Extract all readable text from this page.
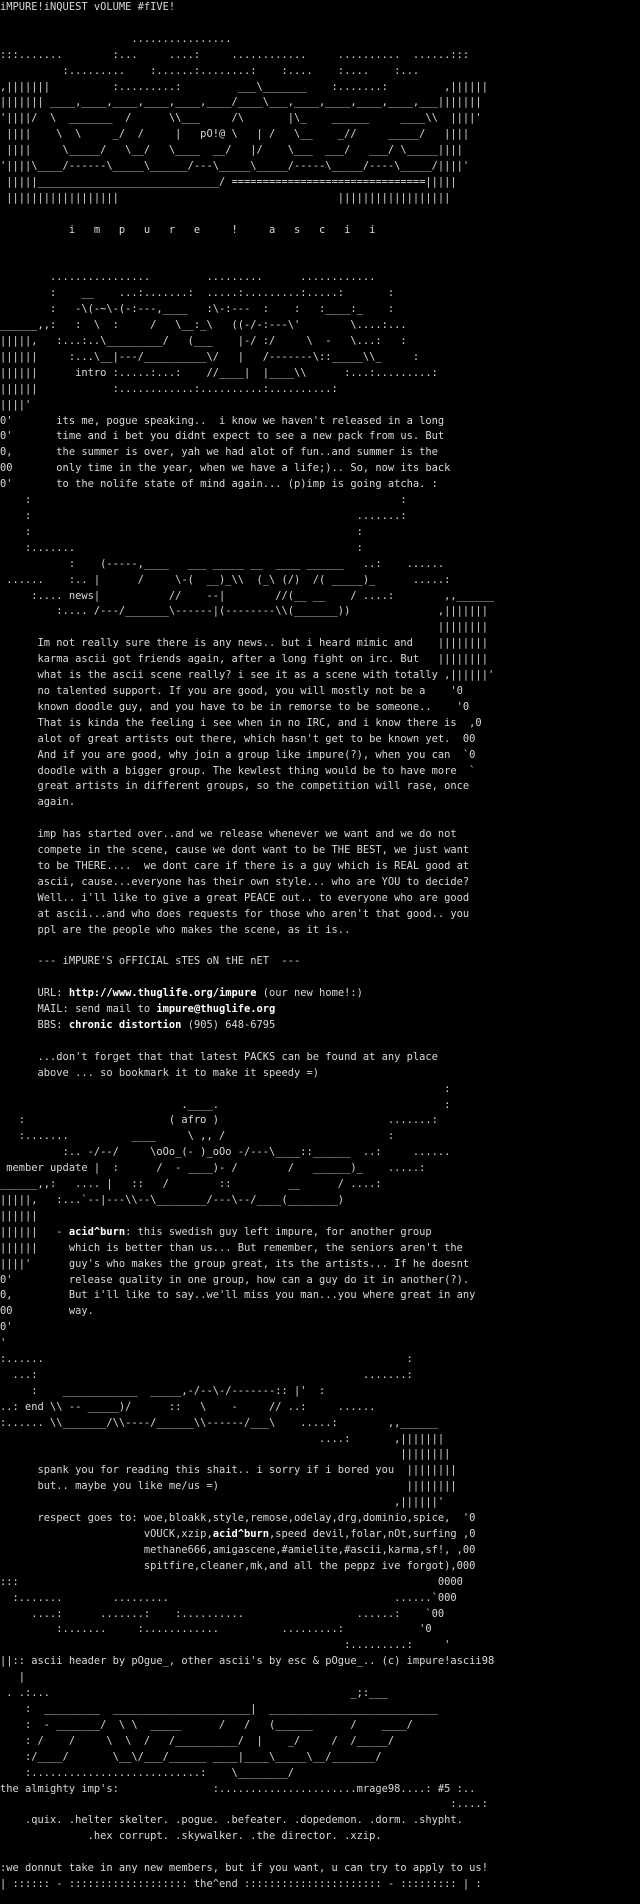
iMPURE!iNQUEST vOLUME #fIVE!

................
:::.......        :...     ....:     ............     ..........  ......:::
:.........    :......:........:    :....    :....    :...
,|||||||          :.........:         ___\_______    :.......:         ,||||||
||||||| ____,____,____,____,____,____/____\___,____,____,____,____,___|||||||
'||||/  \  _______  /      \\___     /\       |\_    ______     ____\\  ||||'
||||    \  \     _/  /     |   pO!@ \   | /   \__    _//     _____/   ||||
||||     \_____/   \__/   \____  __/   |/    \___  ___/   ___/ \_____||||
'||||\____/------\_____\______/---\_____\_____/-----\_____/----\_____/||||'
|||||_____________________________/ ===============================|||||
||||||||||||||||||                                   ||||||||||||||||||

i   m   p   u   r   e     !     a   s   c   i   i

................         .........      ............
:    __    ...:.......:  .....:.........:.....:       :
:   -\(-~\-(-:---,____   :\-:---  :    :   :____:_    :
______,,:   :  \  :     /   \__:_\   ((-/-:---\'        \....:...
|||||,   :...:..\_________/   (___    |-/ :/     \  -   \...:   :
||||||     :...\__|---/__________\/   |   /-------\::_____\\_     :
||||||      intro :.....:...:    //____|  |____\\      :...:.........:
||||||            :............:..........:..........:
||||'
0'       its me, pogue speaking..  i know we haven't released in a long
0'       time and i bet you didnt expect to see a new pack from us. But
0,       the summer is over, yah we had alot of fun..and summer is the
00       only time in the year, when we have a life;).. So, now its back
0'       to the nolife state of mind again... (p)imp is going atcha. :
:                                                           :
:                                                    .......:
:                                                    :
:.......                                             :
:    (-----,____   ___ _____ __  ____ ______   ..:    ......
......    :.. |      /     \-(  __)_\\  (_\ (/)  /( _____)_      .....:
:.... news|           //    --|        //(__ __    / ....:        ,,______
:.... /---/_______\------|(--------\\(_______))              ,|||||||
||||||||
Im not really sure there is any news.. but i heard mimic and    ||||||||
karma ascii got friends again, after a long fight on irc. But   ||||||||
what is the ascii scene really? i see it as a scene with totally ,||||||'
no talented support. If you are good, you will mostly not be a    '0
known doodle guy, and you have to be in remorse to be someone..    '0
That is kinda the feeling i see when in no IRC, and i know there is  ,0
alot of great artists out there, which hasn't get to be known yet.  00
And if you are good, why join a group like impure(?), when you can  `0
doodle with a bigger group. The kewlest thing would be to have more  `
great artists in different groups, so the competition will rase, once
again.

imp has started over..and we release whenever we want and we do not
compete in the scene, cause we dont want to be THE BEST, we just want
to be THERE....  we dont care if there is a guy which is REAL good at
ascii, cause...everyone has their own style... who are YOU to decide?
Well.. i'll like to give a great PEACE out.. to everyone who are good
at ascii...and who does requests for those who aren't that good.. you
ppl are the people who makes the scene, as it is..

--- iMPURE'S oFFICIAL sTES oN tHE nET  ---

URL: http://www.thuglife.org/impure (our new home!:)
MAIL: send mail to impure@thuglife.org
BBS: chronic distortion (905) 648-6795

...don't forget that that latest PACKS can be found at any place
above ... so bookmark it to make it speedy =)
:
.____.                                    :
:                       ( afro )                           .......:
:.......          ____     \ ,, /                          :
:.. -/--/     \oOo_(- )_oOo -/---\____::______  ..:     ......
member update |  :      /  - ____)- /        /   ______)_    .....:
______,,:   .... |   ::   /        ::         __      / ....:
|||||,   :...`--|---\\--\________/---\--/____(________)
||||||
||||||   - acid^burn: this swedish guy left impure, for another group
||||||     which is better than us... But remember, the seniors aren't the
||||'      guy's who makes the group great, its the artists... If he doesnt
0'         release quality in one group, how can a guy do it in another(?).
0,         But i'll like to say..we'll miss you man...you where great in any
00         way.
0'
'
:......                                                          :
...:                                                    .......:
:    ____________  _____,-/--\-/-------:: |'  :
..: end \\ -- _____)/      ::   \    -     // ..:     ......
:...... \\_______/\\----/______\\------/___\    .....:        ,,______
....:       ,|||||||
||||||||
spank you for reading this shait.. i sorry if i bored you  ||||||||
but.. maybe you like me/us =)                              ||||||||
,||||||'
respect goes to: woe,bloakk,style,remose,odelay,drg,dominio,spice,  '0
vOUCK,xzip,acid^burn,speed devil,folar,nOt,surfing ,0
methane666,amigascene,#amielite,#ascii,karma,sf!, ,00
spitfire,cleaner,mk,and all the peppz ive forgot),000
:::                                                                   0000
:.......        .........                                    ......`000
....:      .......:    :..........                  ......:    `00
:.......     :............          .........:            '0
:.........:     '
||:: ascii header by pOgue_, other ascii's by esc & pOgue_.. (c) impure!ascii98
|
. .:...                                                _;:___
:  _________  ______________________|  ___________________________
:  - _______/  \ \  _____      /   /   (______      /    ____/
: /    /     \  \  /   /__________/  |    _/     /  /_____/
:/____/       \__\/___/______ ____|____\_____\__/_______/
:...........................:    \________/
the almighty imp's:               :......................mrage98....: #5 :..
:....:
.quix. .helter skelter. .pogue. .befeater. .dopedemon. .dorm. .shypht.
.hex corrupt. .skywalker. .the director. .xzip.

:we donnut take in any new members, but if you want, u can try to apply to us!
| :::::: - ::::::::::::::::::: the^end :::::::::::::::::::::: - ::::::::: | :
